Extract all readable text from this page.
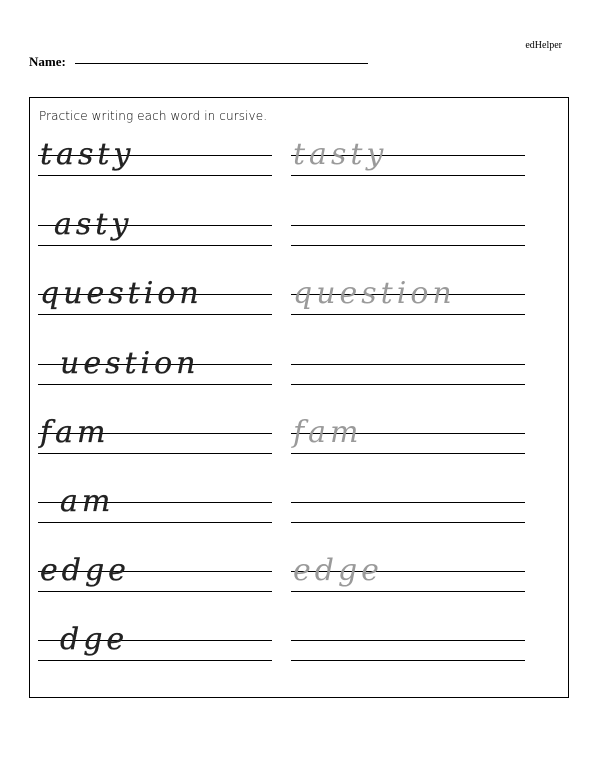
edHelper
Name:
Practice writing each word in cursive.
tasty	tasty
asty
question	question
uestion
fam	fam
am
edge	edge
dge
